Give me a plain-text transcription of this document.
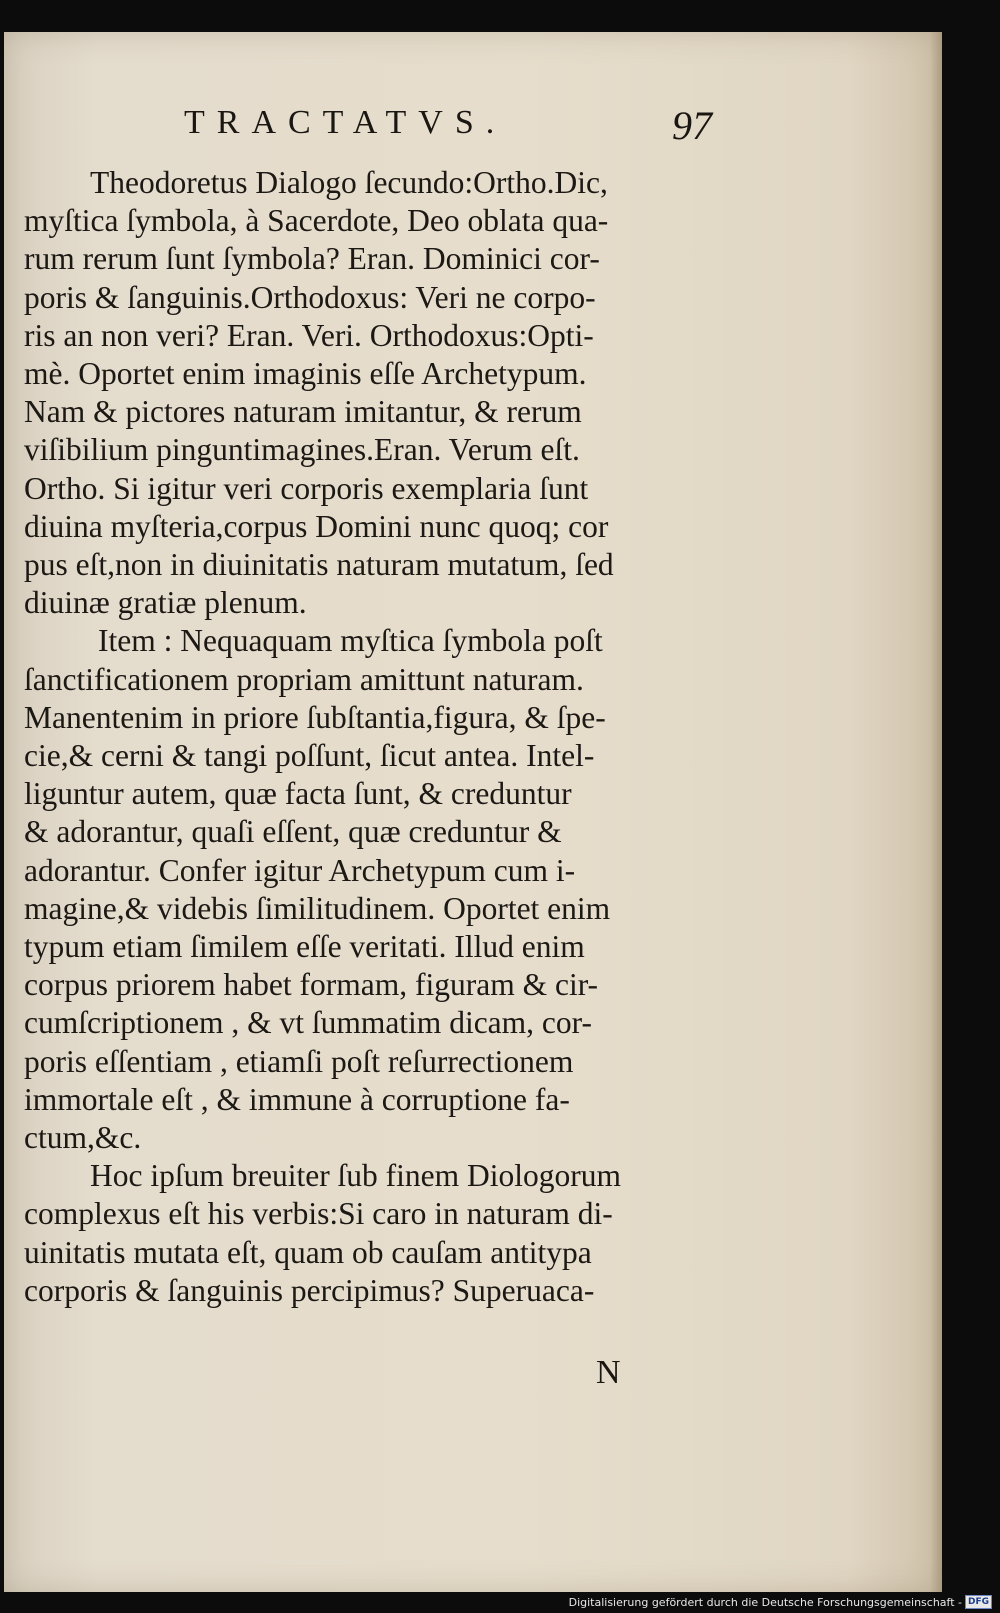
TRACTATVS.	97
Theodoretus Dialogo ſecundo:Ortho.Dic,
myſtica ſymbola, à Sacerdote, Deo oblata qua-
rum rerum ſunt ſymbola? Eran. Dominici cor-
poris & ſanguinis.Orthodoxus: Veri ne corpo-
ris an non veri? Eran. Veri. Orthodoxus:Opti-
mè. Oportet enim imaginis eſſe Archetypum.
Nam & pictores naturam imitantur, & rerum
viſibilium pinguntimagines.Eran. Verum eſt.
Ortho. Si igitur veri corporis exemplaria ſunt
diuina myſteria,corpus Domini nunc quoq; cor
pus eſt,non in diuinitatis naturam mutatum, ſed
diuinæ gratiæ plenum.
Item : Nequaquam myſtica ſymbola poſt
ſanctificationem propriam amittunt naturam.
Manentenim in priore ſubſtantia,figura, & ſpe-
cie,& cerni & tangi poſſunt, ſicut antea. Intel-
liguntur autem, quæ facta ſunt, & creduntur
& adorantur, quaſi eſſent, quæ creduntur &
adorantur. Confer igitur Archetypum cum i-
magine,& videbis ſimilitudinem. Oportet enim
typum etiam ſimilem eſſe veritati. Illud enim
corpus priorem habet formam, figuram & cir-
cumſcriptionem , & vt ſummatim dicam, cor-
poris eſſentiam , etiamſi poſt reſurrectionem
immortale eſt , & immune à corruptione fa-
ctum,&c.
Hoc ipſum breuiter ſub finem Diologorum
complexus eſt his verbis:Si caro in naturam di-
uinitatis mutata eſt, quam ob cauſam antitypa
corporis & ſanguinis percipimus? Superuaca-
N
Digitalisierung gefördert durch die Deutsche Forschungsgemeinschaft - DFG
